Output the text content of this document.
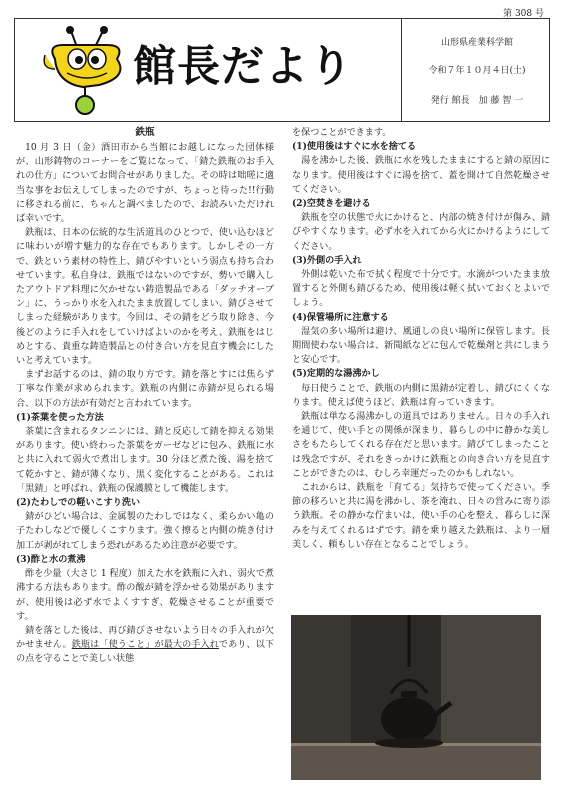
第 308 号
館長だより	山形県産業科学館
令和７年１０月４日(土)
発行 館長　加 藤 智 一
鉄瓶

10 月 3 日（金）酒田市から当館にお越しになった団体様が、山形鋳物のコーナーをご覧になって、「錆た鉄瓶のお手入れの仕方」についてお問合せがありました。その時は咄嗟に適当な事をお伝えしてしまったのですが、ちょっと待った!!行動に移される前に、ちゃんと調べましたので、お読みいただければ幸いです。

鉄瓶は、日本の伝統的な生活道具のひとつで、使い込むほどに味わいが増す魅力的な存在でもあります。しかしその一方で、鉄という素材の特性上、錆びやすいという弱点も持ち合わせています。私自身は、鉄瓶ではないのですが、勢いで購入したアウトドア料理に欠かせない鋳造製品である「ダッチオーブン」に、うっかり水を入れたまま放置してしまい、錆びさせてしまった経験があります。今回は、その錆をどう取り除き、今後どのように手入れをしていけばよいのかを考え、鉄瓶をはじめとする、貴重な鋳造製品との付き合い方を見直す機会にしたいと考えています。

まずお話するのは、錆の取り方です。錆を落とすには焦らず丁寧な作業が求められます。鉄瓶の内側に赤錆が見られる場合、以下の方法が有効だと言われています。

(1)茶葉を使った方法

茶葉に含まれるタンニンには、錆と反応して錆を抑える効果があります。使い終わった茶葉をガーゼなどに包み、鉄瓶に水と共に入れて弱火で煮出します。30 分ほど煮た後、湯を捨てて乾かすと、錆が薄くなり、黒く変化することがある。これは「黒錆」と呼ばれ、鉄瓶の保護膜として機能します。

(2)たわしでの軽いこすり洗い

錆がひどい場合は、金属製のたわしではなく、柔らかい亀の子たわしなどで優しくこすります。強く擦ると内側の焼き付け加工が剥がれてしまう恐れがあるため注意が必要です。

(3)酢と水の煮沸

酢を少量（大さじ 1 程度）加えた水を鉄瓶に入れ、弱火で煮沸する方法もあります。酢の酸が錆を浮かせる効果がありますが、使用後は必ず水でよくすすぎ、乾燥させることが重要です。

錆を落とした後は、再び錆びさせないよう日々の手入れが欠かせません。鉄瓶は「使うこと」が最大の手入れであり、以下の点を守ることで美しい状態

を保つことができます。

(1)使用後はすぐに水を捨てる

湯を沸かした後、鉄瓶に水を残したままにすると錆の原因になります。使用後はすぐに湯を捨て、蓋を開けて自然乾燥させてください。

(2)空焚きを避ける

鉄瓶を空の状態で火にかけると、内部の焼き付けが傷み、錆びやすくなります。必ず水を入れてから火にかけるようにしてください。

(3)外側の手入れ

外側は乾いた布で拭く程度で十分です。水滴がついたまま放置すると外側も錆びるため、使用後は軽く拭いておくとよいでしょう。

(4)保管場所に注意する

湿気の多い場所は避け、風通しの良い場所に保管します。長期間使わない場合は、新聞紙などに包んで乾燥剤と共にしまうと安心です。

(5)定期的な湯沸かし

毎日使うことで、鉄瓶の内側に黒錆が定着し、錆びにくくなります。使えば使うほど、鉄瓶は育っていきます。

鉄瓶は単なる湯沸かしの道具ではありません。日々の手入れを通じて、使い手との関係が深まり、暮らしの中に静かな美しさをもたらしてくれる存在だと思います。錆びてしまったことは残念ですが、それをきっかけに鉄瓶との向き合い方を見直すことができたのは、むしろ幸運だったのかもしれない。

これからは、鉄瓶を「育てる」気持ちで使ってください。季節の移ろいと共に湯を沸かし、茶を淹れ、日々の営みに寄り添う鉄瓶。その静かな佇まいは、使い手の心を整え、暮らしに深みを与えてくれるはずです。錆を乗り越えた鉄瓶は、より一層美しく、頼もしい存在となることでしょう。
